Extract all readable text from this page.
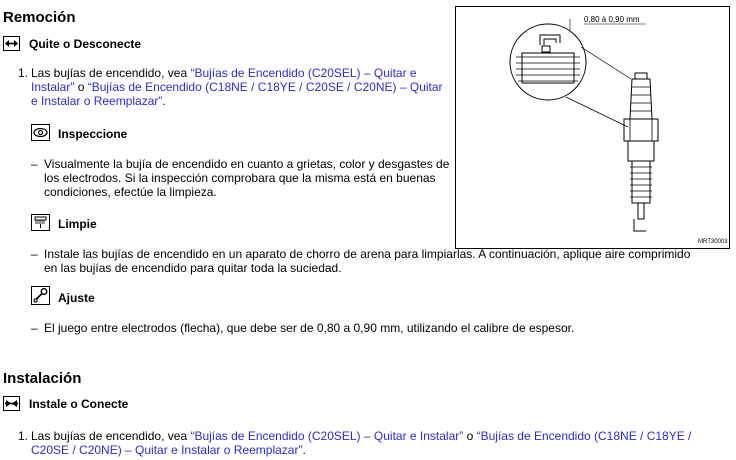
Remoción
Quite o Desconecte
1. Las bujías de encendido, vea “Bujías de Encendido (C20SEL) – Quitar e Instalar” o “Bujías de Encendido (C18NE / C18YE / C20SE / C20NE) – Quitar e Instalar o Reemplazar”.
Inspeccione
– Visualmente la bujía de encendido en cuanto a grietas, color y desgastes de los electrodos. Si la inspección comprobara que la misma está en buenas condiciones, efectúe la limpieza.
Limpie
– Instale las bujías de encendido en un aparato de chorro de arena para limpiarlas. A continuación, aplique aire comprimido en las bujías de encendido para quitar toda la suciedad.
Ajuste
– El juego entre electrodos (flecha), que debe ser de 0,80 a 0,90 mm, utilizando el calibre de espesor.
Instalación
Instale o Conecte
1. Las bujías de encendido, vea “Bujías de Encendido (C20SEL) – Quitar e Instalar” o “Bujías de Encendido (C18NE / C18YE / C20SE / C20NE) – Quitar e Instalar o Reemplazar”.
0,80 à 0,90 mm
MRT30003
